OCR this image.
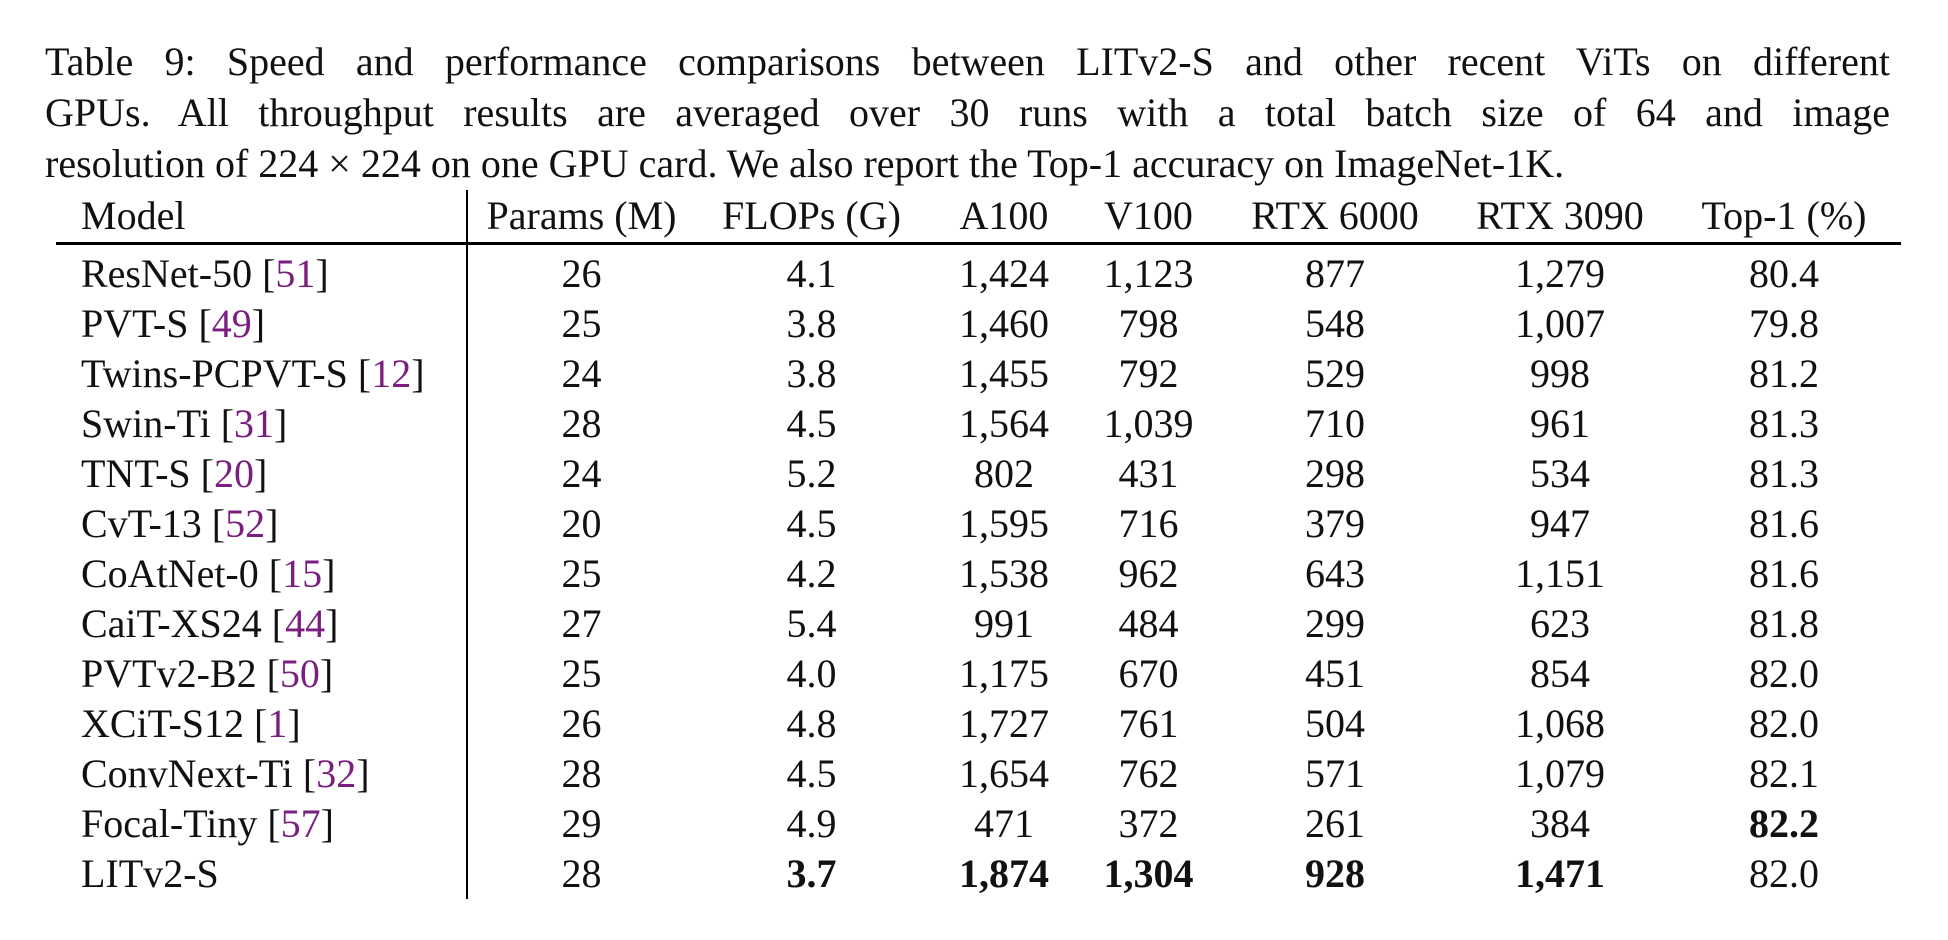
Table 9: Speed and performance comparisons between LITv2-S and other recent ViTs on different
GPUs. All throughput results are averaged over 30 runs with a total batch size of 64 and image
resolution of 224 × 224 on one GPU card. We also report the Top-1 accuracy on ImageNet-1K.
Model	Params (M)	FLOPs (G)	A100	V100	RTX 6000	RTX 3090	Top-1 (%)
ResNet-50 [51]	26	4.1	1,424	1,123	877	1,279	80.4
PVT-S [49]	25	3.8	1,460	798	548	1,007	79.8
Twins-PCPVT-S [12]	24	3.8	1,455	792	529	998	81.2
Swin-Ti [31]	28	4.5	1,564	1,039	710	961	81.3
TNT-S [20]	24	5.2	802	431	298	534	81.3
CvT-13 [52]	20	4.5	1,595	716	379	947	81.6
CoAtNet-0 [15]	25	4.2	1,538	962	643	1,151	81.6
CaiT-XS24 [44]	27	5.4	991	484	299	623	81.8
PVTv2-B2 [50]	25	4.0	1,175	670	451	854	82.0
XCiT-S12 [1]	26	4.8	1,727	761	504	1,068	82.0
ConvNext-Ti [32]	28	4.5	1,654	762	571	1,079	82.1
Focal-Tiny [57]	29	4.9	471	372	261	384	82.2
LITv2-S	28	3.7	1,874	1,304	928	1,471	82.0
